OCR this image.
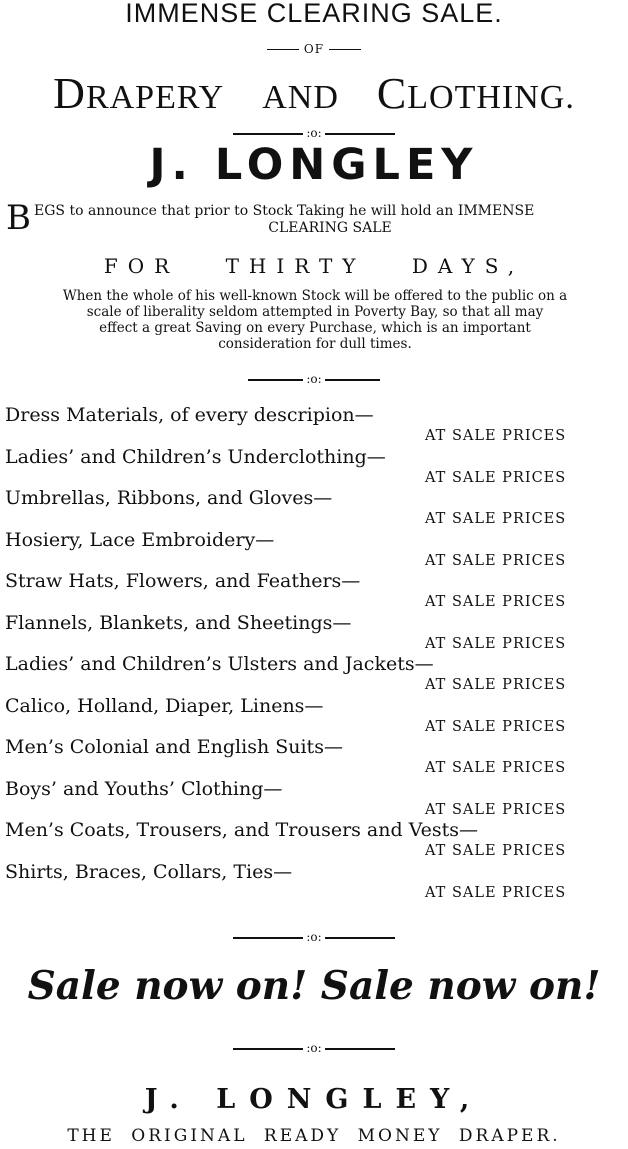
IMMENSE CLEARING SALE.
OF
DRAPERY AND CLOTHING.
:o:
J. LONGLEY
B EGS to announce that prior to Stock Taking he will hold an IMMENSE
CLEARING SALE
FOR THIRTY DAYS,
When the whole of his well-known Stock will be offered to the public on a
scale of liberality seldom attempted in Poverty Bay, so that all may
effect a great Saving on every Purchase, which is an important
consideration for dull times.
:o:
Dress Materials, of every descripion—
AT SALE PRICES
Ladies’ and Children’s Underclothing—
AT SALE PRICES
Umbrellas, Ribbons, and Gloves—
AT SALE PRICES
Hosiery, Lace Embroidery—
AT SALE PRICES
Straw Hats, Flowers, and Feathers—
AT SALE PRICES
Flannels, Blankets, and Sheetings—
AT SALE PRICES
Ladies’ and Children’s Ulsters and Jackets—
AT SALE PRICES
Calico, Holland, Diaper, Linens—
AT SALE PRICES
Men’s Colonial and English Suits—
AT SALE PRICES
Boys’ and Youths’ Clothing—
AT SALE PRICES
Men’s Coats, Trousers, and Trousers and Vests—
AT SALE PRICES
Shirts, Braces, Collars, Ties—
AT SALE PRICES
:o:
Sale now on! Sale now on!
:o:
J. LONGLEY,
THE ORIGINAL READY MONEY DRAPER.
